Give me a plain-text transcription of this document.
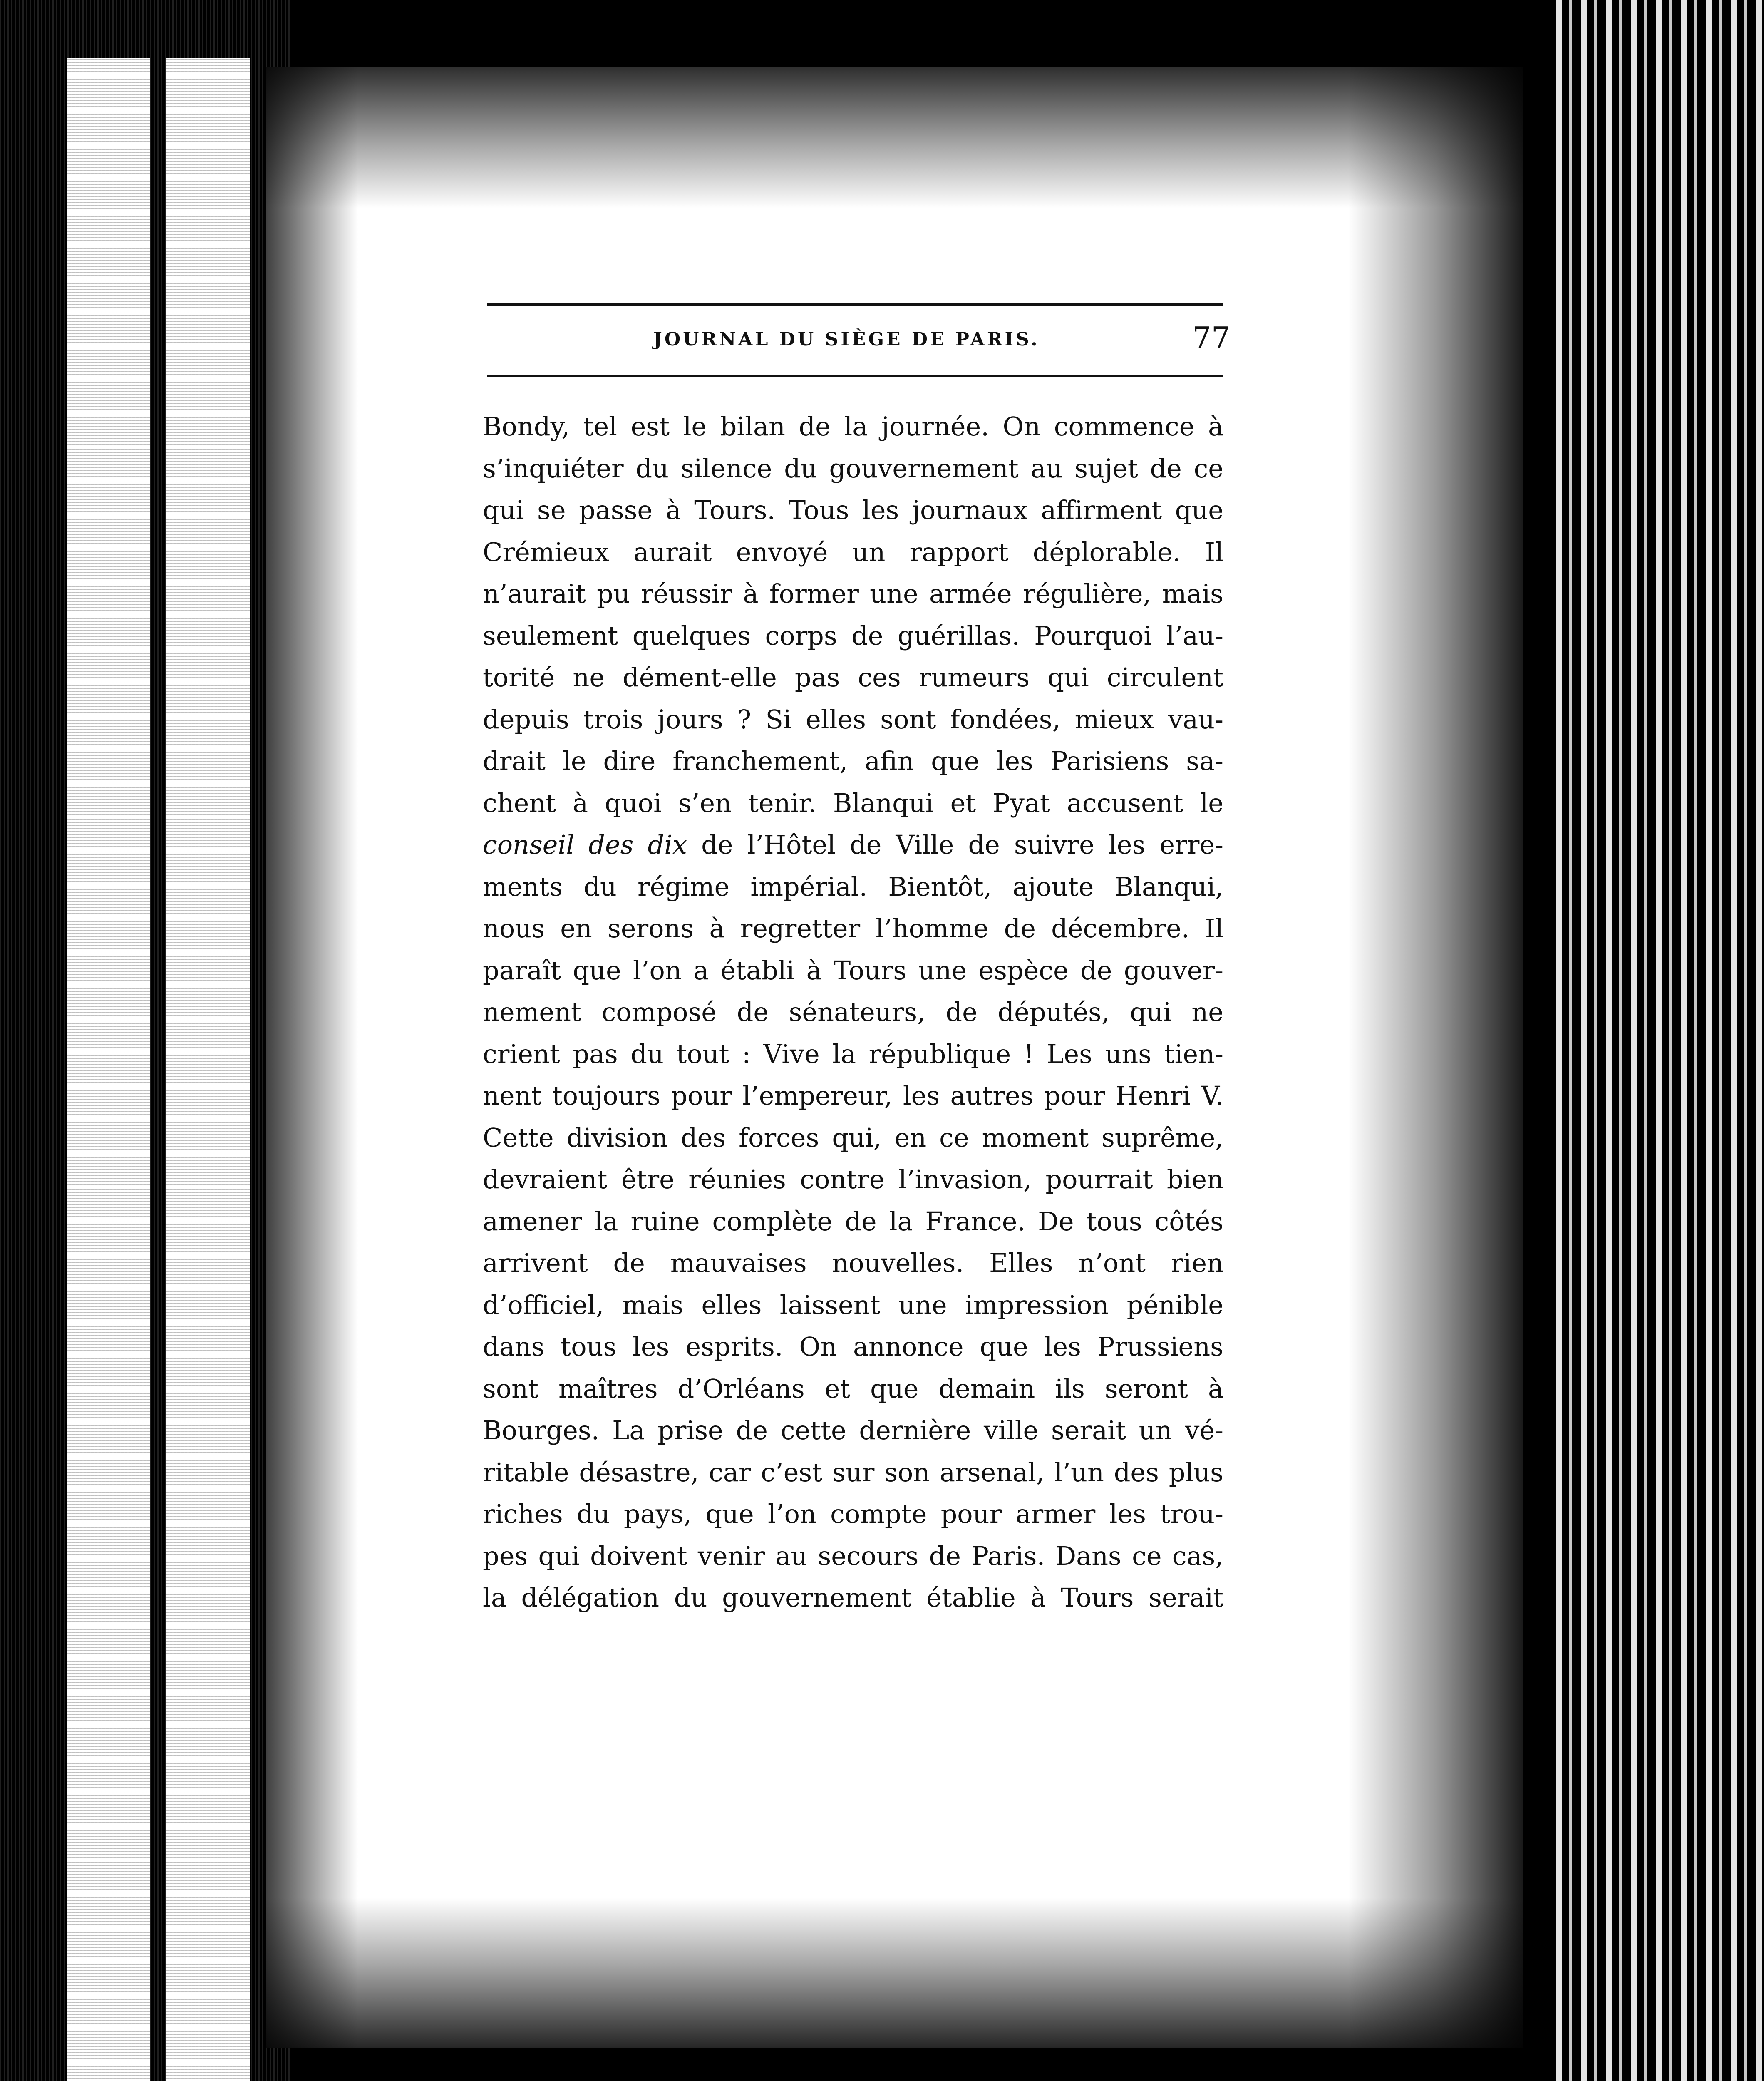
JOURNAL DU SIÈGE DE PARIS.	77
Bondy, tel est le bilan de la journée. On commence à
s’inquiéter du silence du gouvernement au sujet de ce
qui se passe à Tours. Tous les journaux affirment que
Crémieux aurait envoyé un rapport déplorable. Il
n’aurait pu réussir à former une armée régulière, mais
seulement quelques corps de guérillas. Pourquoi l’au-
torité ne dément-elle pas ces rumeurs qui circulent
depuis trois jours ? Si elles sont fondées, mieux vau-
drait le dire franchement, afin que les Parisiens sa-
chent à quoi s’en tenir. Blanqui et Pyat accusent le
conseil des dix de l’Hôtel de Ville de suivre les erre-
ments du régime impérial. Bientôt, ajoute Blanqui,
nous en serons à regretter l’homme de décembre. Il
paraît que l’on a établi à Tours une espèce de gouver-
nement composé de sénateurs, de députés, qui ne
crient pas du tout : Vive la république ! Les uns tien-
nent toujours pour l’empereur, les autres pour Henri V.
Cette division des forces qui, en ce moment suprême,
devraient être réunies contre l’invasion, pourrait bien
amener la ruine complète de la France. De tous côtés
arrivent de mauvaises nouvelles. Elles n’ont rien
d’officiel, mais elles laissent une impression pénible
dans tous les esprits. On annonce que les Prussiens
sont maîtres d’Orléans et que demain ils seront à
Bourges. La prise de cette dernière ville serait un vé-
ritable désastre, car c’est sur son arsenal, l’un des plus
riches du pays, que l’on compte pour armer les trou-
pes qui doivent venir au secours de Paris. Dans ce cas,
la délégation du gouvernement établie à Tours serait
